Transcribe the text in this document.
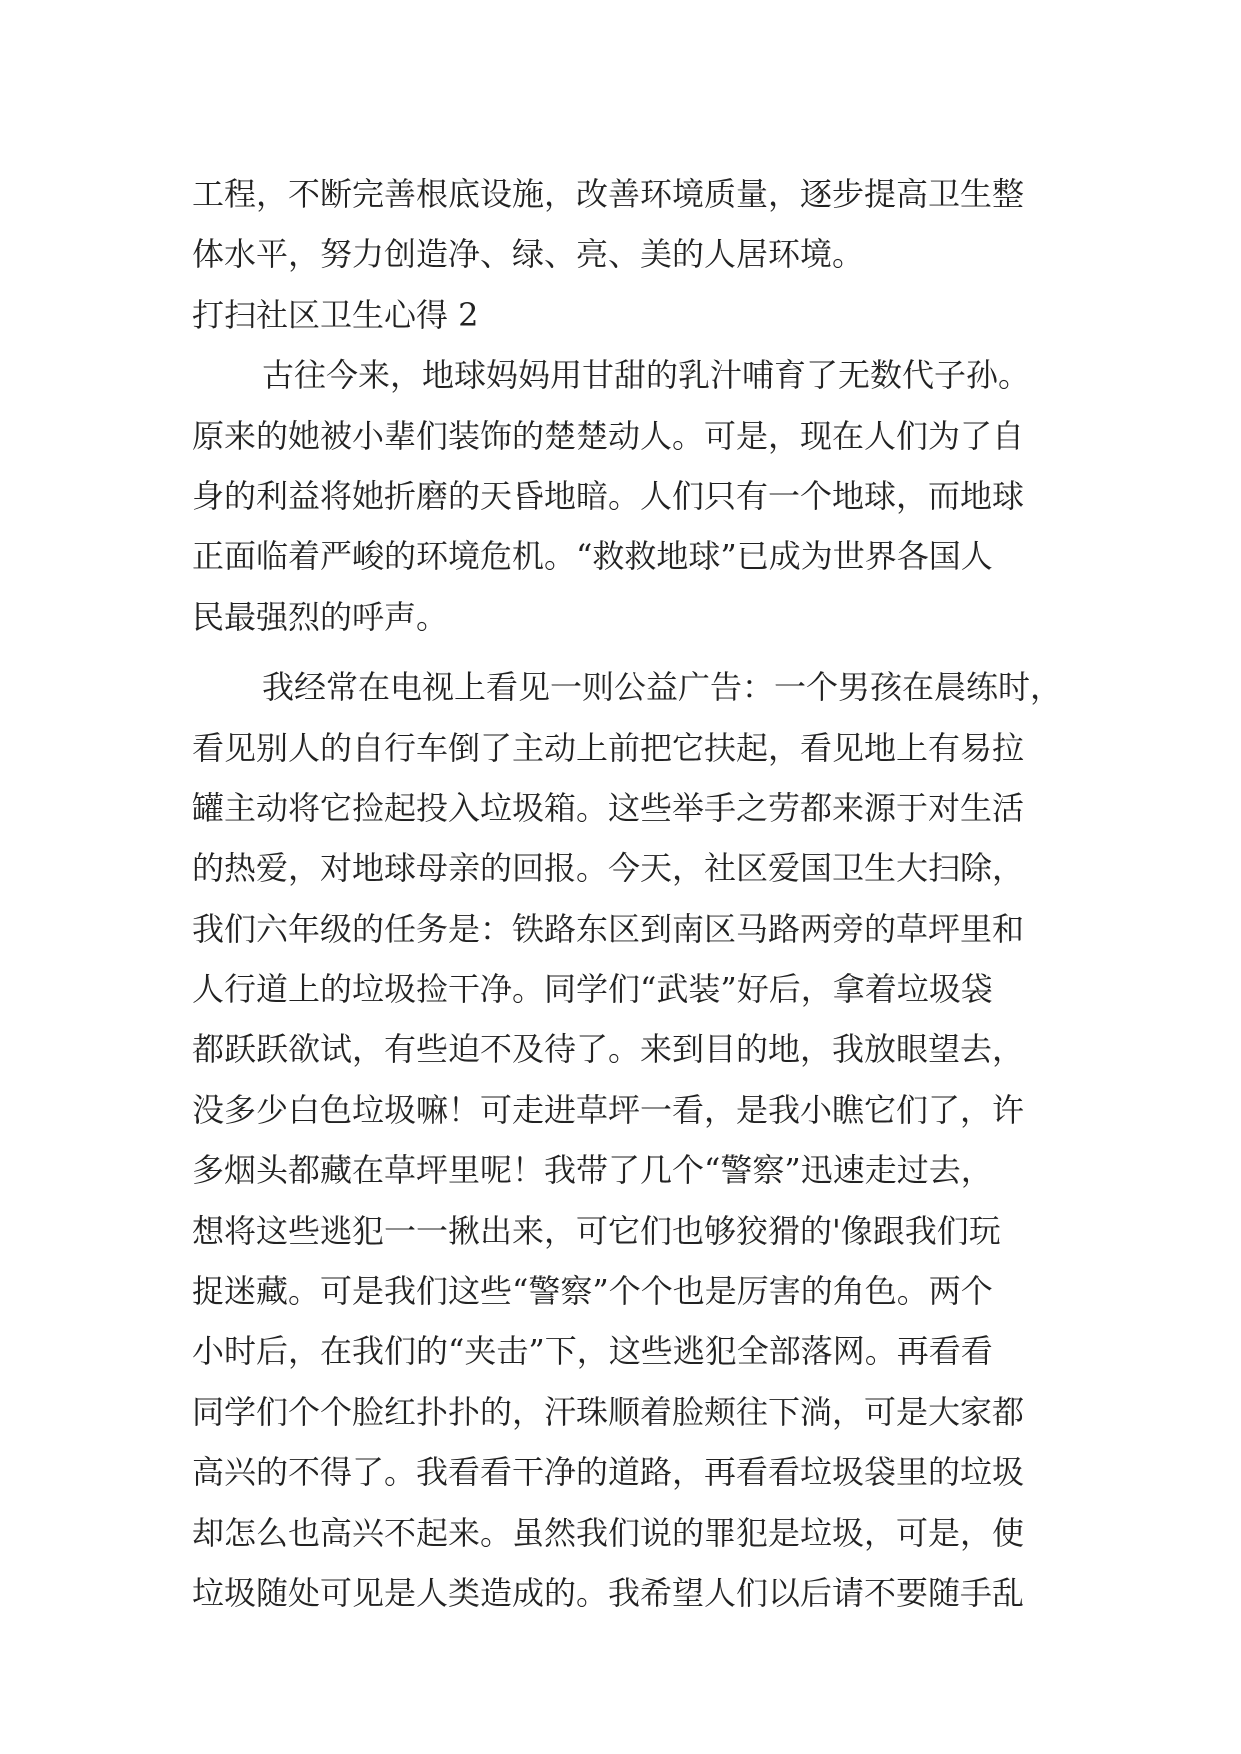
工程，不断完善根底设施，改善环境质量，逐步提高卫生整
体水平，努力创造净、绿、亮、美的人居环境。
打扫社区卫生心得 2
古往今来，地球妈妈用甘甜的乳汁哺育了无数代子孙。
原来的她被小辈们装饰的楚楚动人。可是，现在人们为了自
身的利益将她折磨的天昏地暗。人们只有一个地球，而地球
正面临着严峻的环境危机。“救救地球”已成为世界各国人
民最强烈的呼声。
我经常在电视上看见一则公益广告：一个男孩在晨练时，
看见别人的自行车倒了主动上前把它扶起，看见地上有易拉
罐主动将它捡起投入垃圾箱。这些举手之劳都来源于对生活
的热爱，对地球母亲的回报。今天，社区爱国卫生大扫除，
我们六年级的任务是：铁路东区到南区马路两旁的草坪里和
人行道上的垃圾捡干净。同学们“武装”好后，拿着垃圾袋
都跃跃欲试，有些迫不及待了。来到目的地，我放眼望去，
没多少白色垃圾嘛！可走进草坪一看，是我小瞧它们了，许
多烟头都藏在草坪里呢！我带了几个“警察”迅速走过去，
想将这些逃犯一一揪出来，可它们也够狡猾的'像跟我们玩
捉迷藏。可是我们这些“警察”个个也是厉害的角色。两个
小时后，在我们的“夹击”下，这些逃犯全部落网。再看看
同学们个个脸红扑扑的，汗珠顺着脸颊往下淌，可是大家都
高兴的不得了。我看看干净的道路，再看看垃圾袋里的垃圾
却怎么也高兴不起来。虽然我们说的罪犯是垃圾，可是，使
垃圾随处可见是人类造成的。我希望人们以后请不要随手乱
